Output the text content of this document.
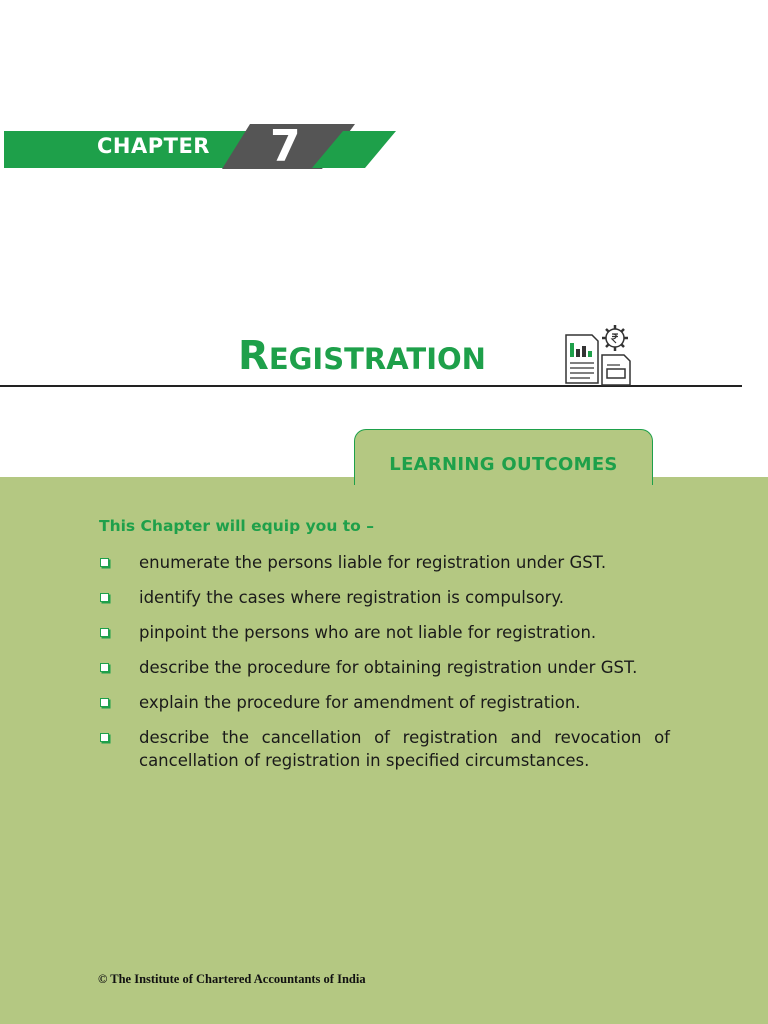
CHAPTER 7
REGISTRATION
LEARNING OUTCOMES
This Chapter will equip you to –
enumerate the persons liable for registration under GST.
identify the cases where registration is compulsory.
pinpoint the persons who are not liable for registration.
describe the procedure for obtaining registration under GST.
explain the procedure for amendment of registration.
describe the cancellation of registration and revocation of cancellation of registration in specified circumstances.
© The Institute of Chartered Accountants of India
